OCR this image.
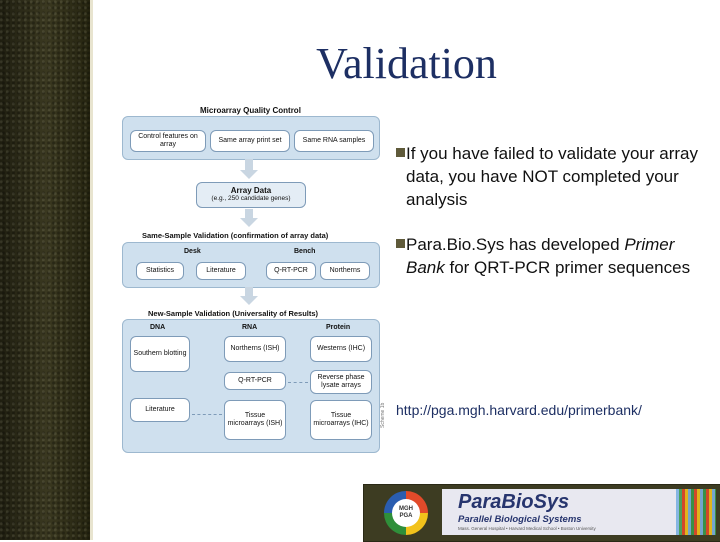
Validation
Microarray Quality Control
Control features on array
Same array print set	Same RNA samples
Array Data
(e.g., 250 candidate genes)
Same-Sample Validation (confirmation of array data)
Desk	Bench
Statistics	Literature	Q-RT-PCR	Northerns
New-Sample Validation (Universality of Results)
DNA	RNA	Protein
Southern blotting
Literature
Northerns (ISH)
Q-RT-PCR
Tissue microarrays (ISH)
Westerns (IHC)
Reverse phase lysate arrays
Tissue microarrays (IHC)	Scheme 1b
If you have failed to validate your array data, you have NOT completed your analysis
Para.Bio.Sys has developed Primer Bank for QRT-PCR primer sequences
http://pga.mgh.harvard.edu/primerbank/
MGH
PGA
ParaBioSys
Parallel Biological Systems
Mass. General Hospital • Harvard Medical School • Boston University
